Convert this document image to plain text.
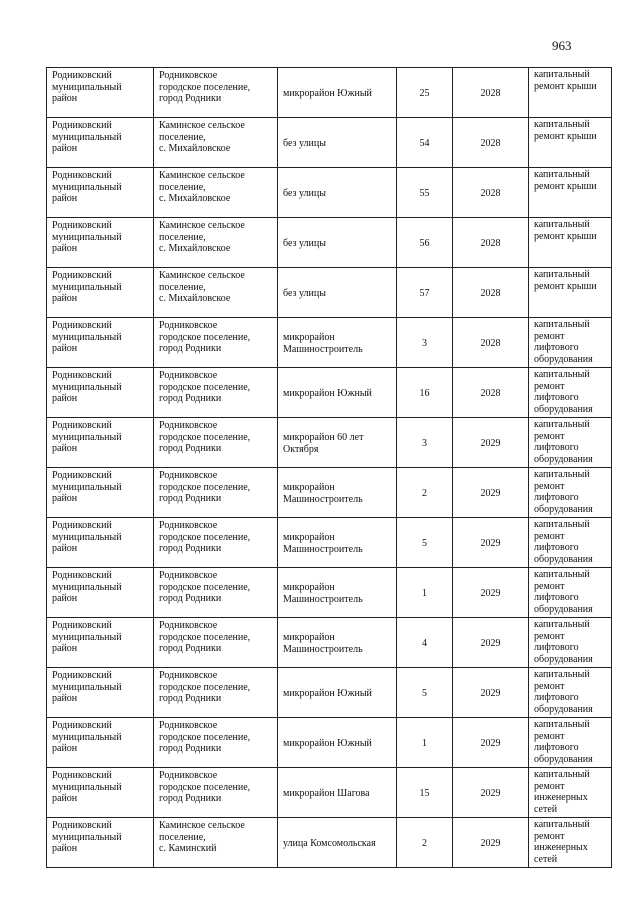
963
Родниковский
муниципальный
район	Родниковское
городское поселение,
город Родники	микрорайон Южный	25	2028	капитальный
ремонт крыши

Родниковский
муниципальный
район	Каминское сельское
поселение,
с. Михайловское	без улицы	54	2028	капитальный
ремонт крыши

Родниковский
муниципальный
район	Каминское сельское
поселение,
с. Михайловское	без улицы	55	2028	капитальный
ремонт крыши

Родниковский
муниципальный
район	Каминское сельское
поселение,
с. Михайловское	без улицы	56	2028	капитальный
ремонт крыши

Родниковский
муниципальный
район	Каминское сельское
поселение,
с. Михайловское	без улицы	57	2028	капитальный
ремонт крыши

Родниковский
муниципальный
район	Родниковское
городское поселение,
город Родники	микрорайон
Машиностроитель	3	2028	капитальный
ремонт
лифтового
оборудования

Родниковский
муниципальный
район	Родниковское
городское поселение,
город Родники	микрорайон Южный	16	2028	капитальный
ремонт
лифтового
оборудования

Родниковский
муниципальный
район	Родниковское
городское поселение,
город Родники	микрорайон 60 лет
Октября	3	2029	капитальный
ремонт
лифтового
оборудования

Родниковский
муниципальный
район	Родниковское
городское поселение,
город Родники	микрорайон
Машиностроитель	2	2029	капитальный
ремонт
лифтового
оборудования

Родниковский
муниципальный
район	Родниковское
городское поселение,
город Родники	микрорайон
Машиностроитель	5	2029	капитальный
ремонт
лифтового
оборудования

Родниковский
муниципальный
район	Родниковское
городское поселение,
город Родники	микрорайон
Машиностроитель	1	2029	капитальный
ремонт
лифтового
оборудования

Родниковский
муниципальный
район	Родниковское
городское поселение,
город Родники	микрорайон
Машиностроитель	4	2029	капитальный
ремонт
лифтового
оборудования

Родниковский
муниципальный
район	Родниковское
городское поселение,
город Родники	микрорайон Южный	5	2029	капитальный
ремонт
лифтового
оборудования

Родниковский
муниципальный
район	Родниковское
городское поселение,
город Родники	микрорайон Южный	1	2029	капитальный
ремонт
лифтового
оборудования

Родниковский
муниципальный
район	Родниковское
городское поселение,
город Родники	микрорайон Шагова	15	2029	капитальный
ремонт
инженерных
сетей

Родниковский
муниципальный
район	Каминское сельское
поселение,
с. Каминский	улица Комсомольская	2	2029	капитальный
ремонт
инженерных
сетей
